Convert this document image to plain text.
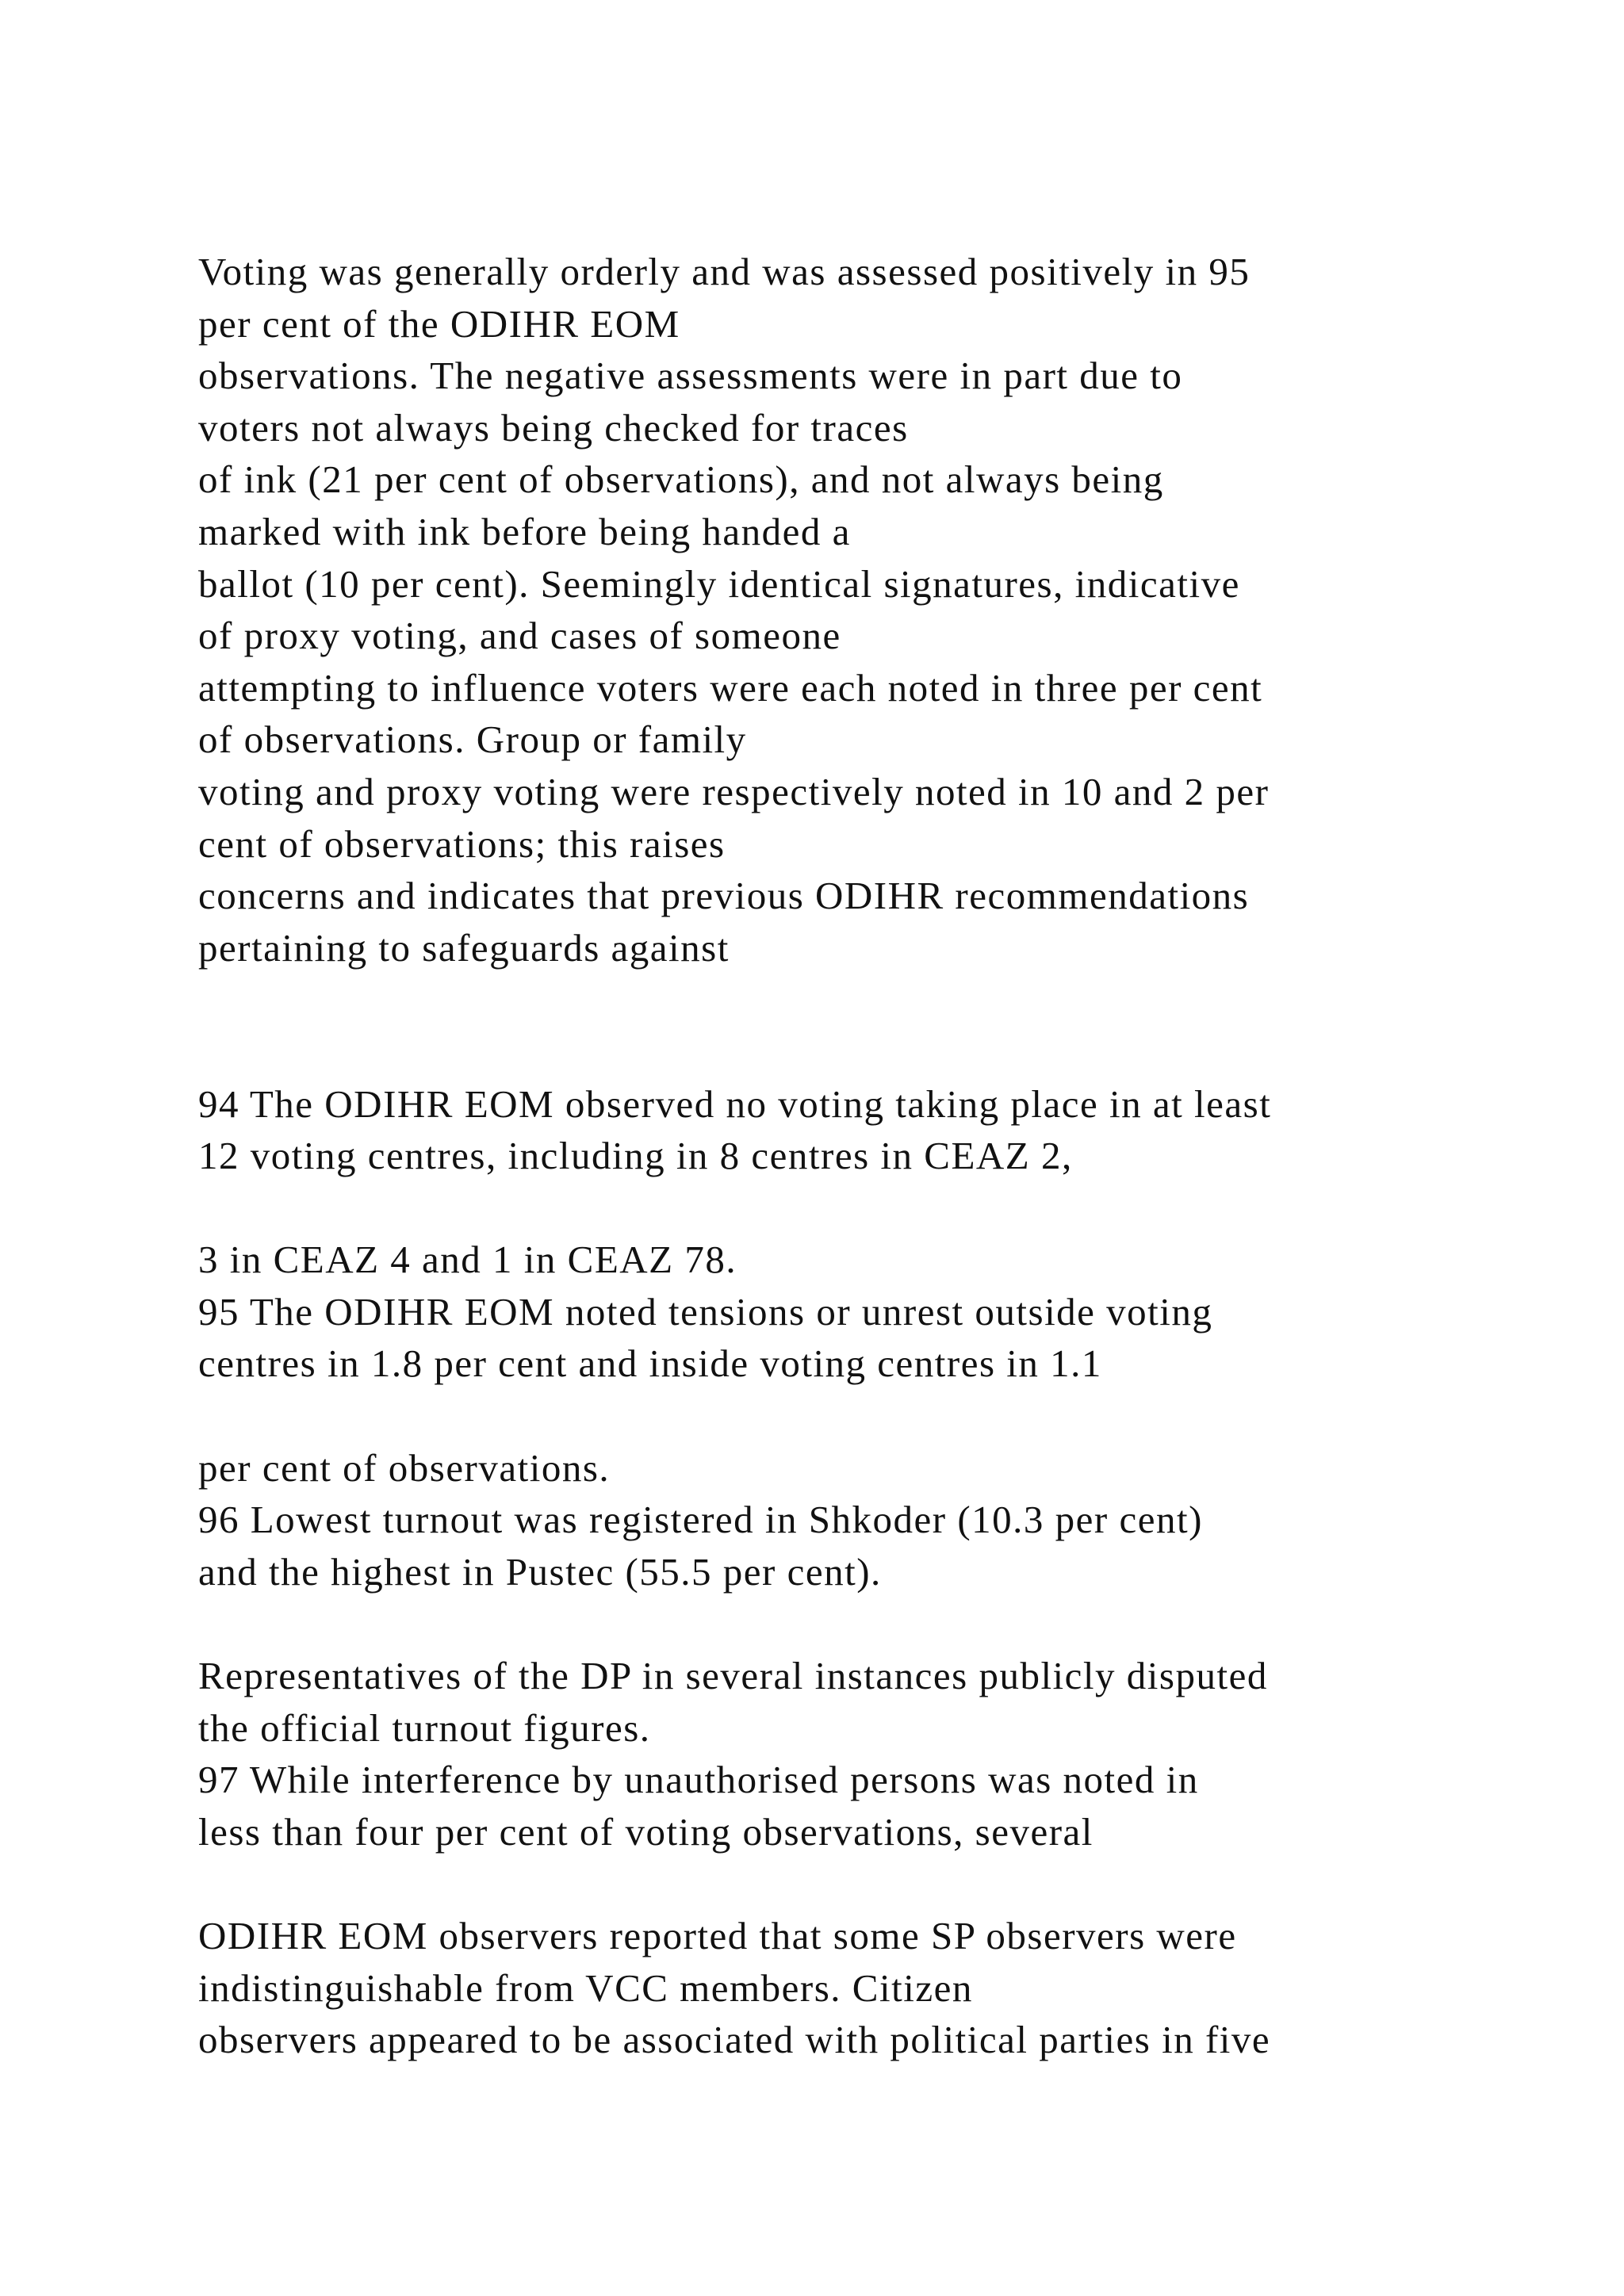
Voting was generally orderly and was assessed positively in 95
per cent of the ODIHR EOM
observations. The negative assessments were in part due to
voters not always being checked for traces
of ink (21 per cent of observations), and not always being
marked with ink before being handed a
ballot (10 per cent). Seemingly identical signatures, indicative
of proxy voting, and cases of someone
attempting to influence voters were each noted in three per cent
of observations. Group or family
voting and proxy voting were respectively noted in 10 and 2 per
cent of observations; this raises
concerns and indicates that previous ODIHR recommendations
pertaining to safeguards against
94 The ODIHR EOM observed no voting taking place in at least
12 voting centres, including in 8 centres in CEAZ 2,
3 in CEAZ 4 and 1 in CEAZ 78.
95 The ODIHR EOM noted tensions or unrest outside voting
centres in 1.8 per cent and inside voting centres in 1.1
per cent of observations.
96 Lowest turnout was registered in Shkoder (10.3 per cent)
and the highest in Pustec (55.5 per cent).
Representatives of the DP in several instances publicly disputed
the official turnout figures.
97 While interference by unauthorised persons was noted in
less than four per cent of voting observations, several
ODIHR EOM observers reported that some SP observers were
indistinguishable from VCC members. Citizen
observers appeared to be associated with political parties in five
